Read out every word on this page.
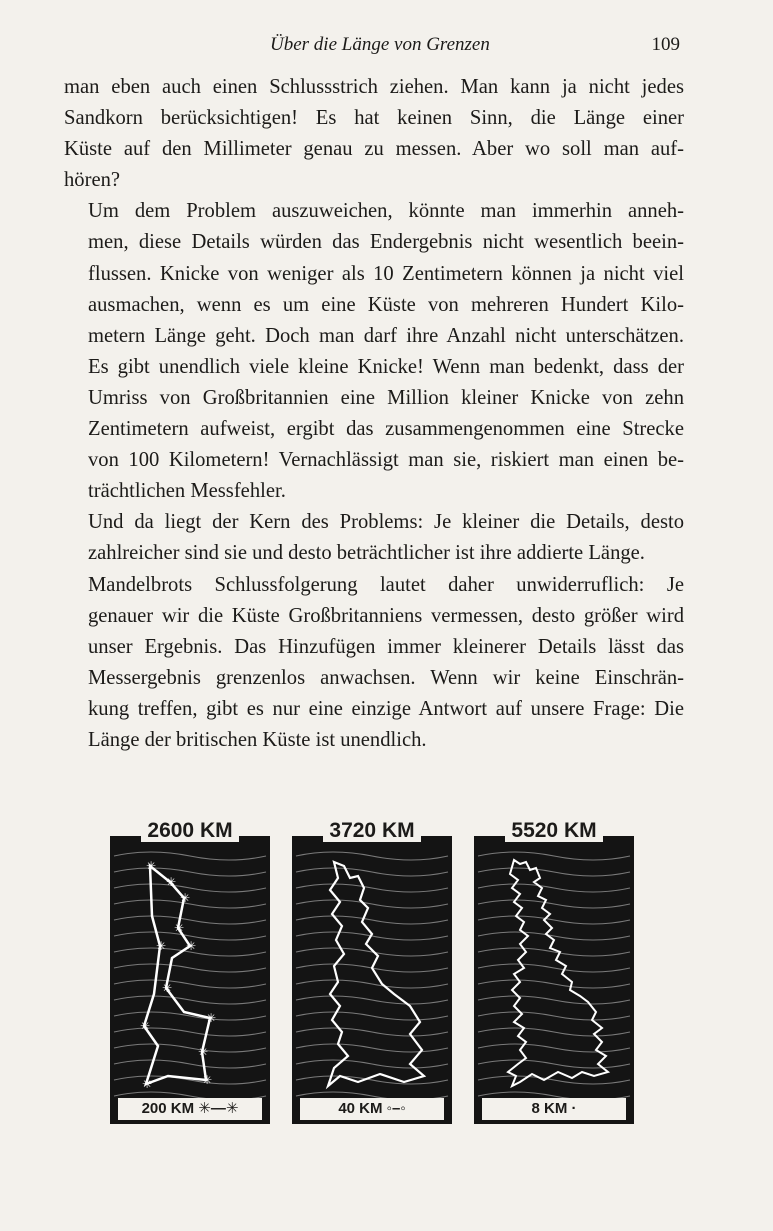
Über die Länge von Grenzen	109

man eben auch einen Schlussstrich ziehen. Man kann ja nicht jedes
Sandkorn berücksichtigen! Es hat keinen Sinn, die Länge einer
Küste auf den Millimeter genau zu messen. Aber wo soll man auf-
hören?

Um dem Problem auszuweichen, könnte man immerhin anneh-
men, diese Details würden das Endergebnis nicht wesentlich beein-
flussen. Knicke von weniger als 10 Zentimetern können ja nicht viel
ausmachen, wenn es um eine Küste von mehreren Hundert Kilo-
metern Länge geht. Doch man darf ihre Anzahl nicht unterschätzen.
Es gibt unendlich viele kleine Knicke! Wenn man bedenkt, dass der
Umriss von Großbritannien eine Million kleiner Knicke von zehn
Zentimetern aufweist, ergibt das zusammengenommen eine Strecke
von 100 Kilometern! Vernachlässigt man sie, riskiert man einen be-
trächtlichen Messfehler.

Und da liegt der Kern des Problems: Je kleiner die Details, desto
zahlreicher sind sie und desto beträchtlicher ist ihre addierte Länge.

Mandelbrots Schlussfolgerung lautet daher unwiderruflich: Je
genauer wir die Küste Großbritanniens vermessen, desto größer wird
unser Ergebnis. Das Hinzufügen immer kleinerer Details lässt das
Messergebnis grenzenlos anwachsen. Wenn wir keine Einschrän-
kung treffen, gibt es nur eine einzige Antwort auf unsere Frage: Die
Länge der britischen Küste ist unendlich.

✳
✳
✳
✳
✳
✳
✳
✳
✳
✳
✳
✳
2600 KM
200 KM ✳—✳
3720 KM
40 KM ◦–◦
5520 KM
8 KM ·
